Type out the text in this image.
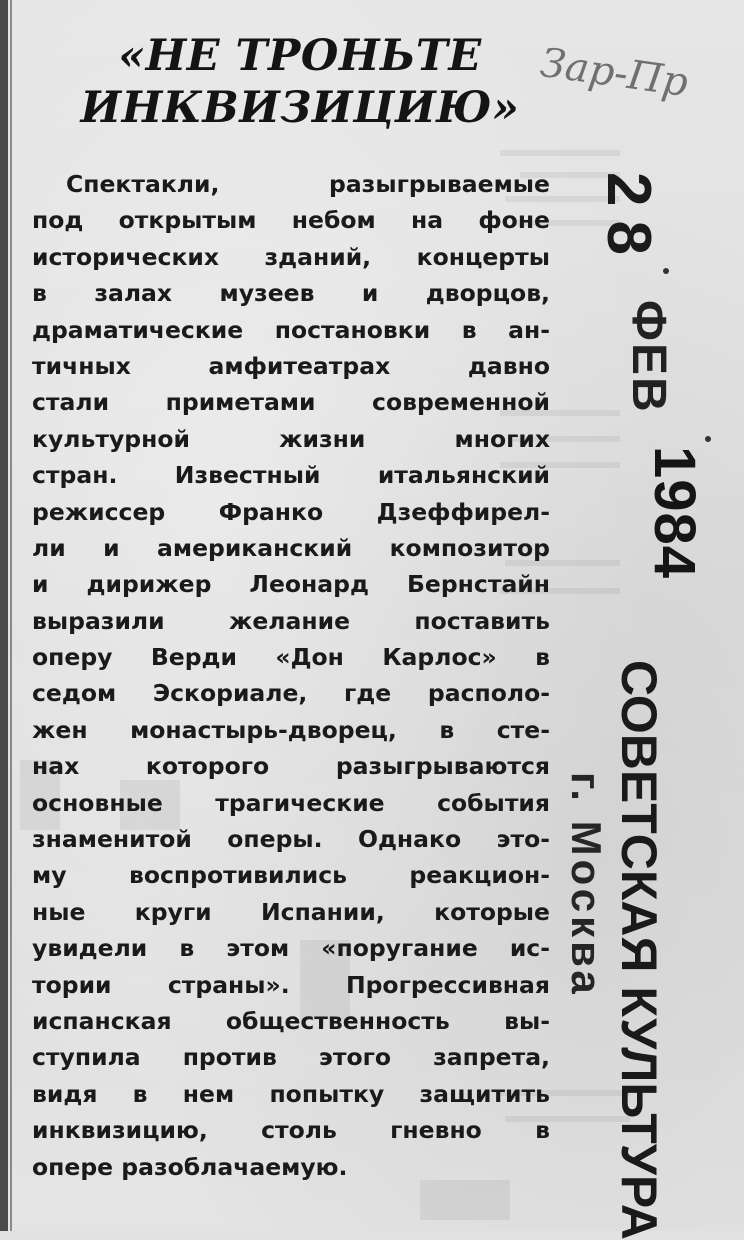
Зар-Пр
«НЕ ТРОНЬТЕ
ИНКВИЗИЦИЮ»
Спектакли, разыгрываемые
под открытым небом на фоне
исторических зданий, концерты
в залах музеев и дворцов,
драматические постановки в ан-
тичных амфитеатрах давно
стали приметами современной
культурной жизни многих
стран. Известный итальянский
режиссер Франко Дзеффирел-
ли и американский композитор
и дирижер Леонард Бернстайн
выразили желание поставить
оперу Верди «Дон Карлос» в
седом Эскориале, где располо-
жен монастырь-дворец, в сте-
нах которого разыгрываются
основные трагические события
знаменитой оперы. Однако это-
му воспротивились реакцион-
ные круги Испании, которые
увидели в этом «поругание ис-
тории страны». Прогрессивная
испанская общественность вы-
ступила против этого запрета,
видя в нем попытку защитить
инквизицию, столь гневно в
опере разоблачаемую.
28
ФЕВ
1984
СОВЕТСКАЯ КУЛЬТУРА
г. Москва
